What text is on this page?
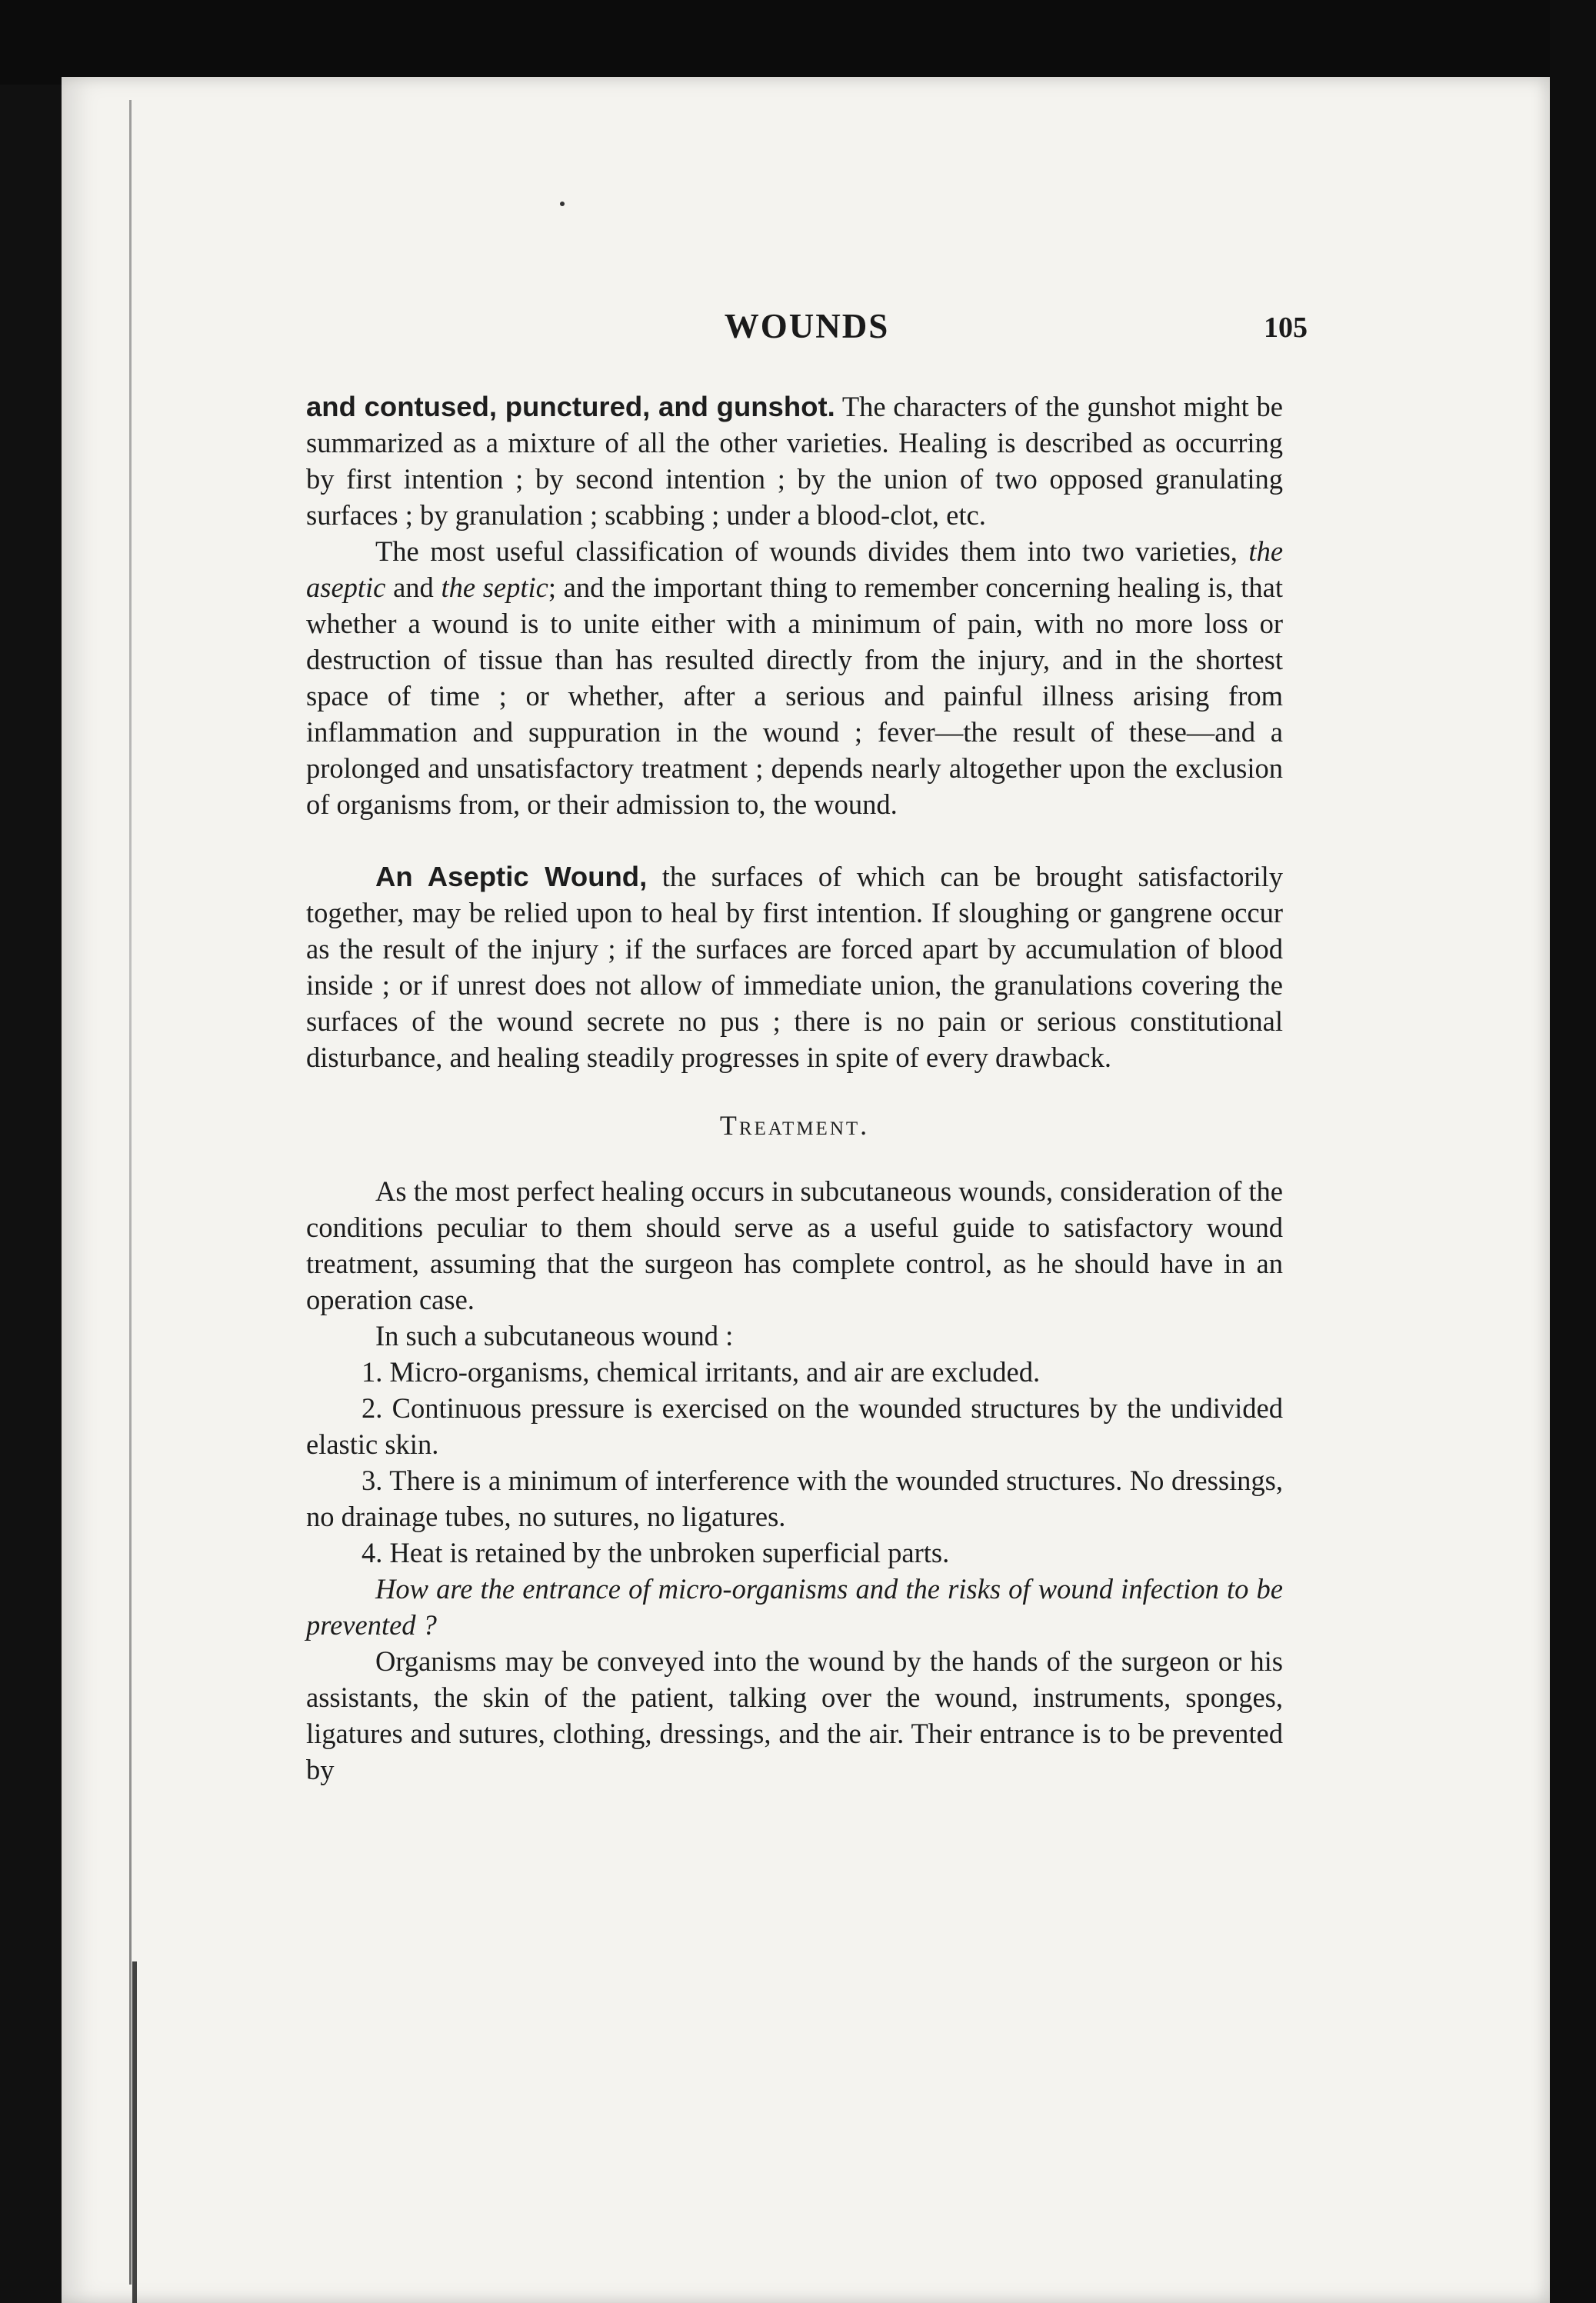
WOUNDS	105

and contused, punctured, and gunshot. The characters of the gunshot might be summarized as a mixture of all the other varieties. Healing is described as occurring by first intention ; by second intention ; by the union of two opposed granulating surfaces ; by granulation ; scabbing ; under a blood-clot, etc.

The most useful classification of wounds divides them into two varieties, the aseptic and the septic; and the important thing to remember concerning healing is, that whether a wound is to unite either with a minimum of pain, with no more loss or destruction of tissue than has resulted directly from the injury, and in the shortest space of time ; or whether, after a serious and painful illness arising from inflammation and suppuration in the wound ; fever—the result of these—and a prolonged and unsatisfactory treatment ; depends nearly altogether upon the exclusion of organisms from, or their admission to, the wound.

An Aseptic Wound, the surfaces of which can be brought satisfactorily together, may be relied upon to heal by first intention. If sloughing or gangrene occur as the result of the injury ; if the surfaces are forced apart by accumulation of blood inside ; or if unrest does not allow of immediate union, the granulations covering the surfaces of the wound secrete no pus ; there is no pain or serious constitutional disturbance, and healing steadily progresses in spite of every drawback.

Treatment.

As the most perfect healing occurs in subcutaneous wounds, consideration of the conditions peculiar to them should serve as a useful guide to satisfactory wound treatment, assuming that the surgeon has complete control, as he should have in an operation case.

In such a subcutaneous wound :

1. Micro-organisms, chemical irritants, and air are excluded.

2. Continuous pressure is exercised on the wounded structures by the undivided elastic skin.

3. There is a minimum of interference with the wounded structures. No dressings, no drainage tubes, no sutures, no ligatures.

4. Heat is retained by the unbroken superficial parts.

How are the entrance of micro-organisms and the risks of wound infection to be prevented ?

Organisms may be conveyed into the wound by the hands of the surgeon or his assistants, the skin of the patient, talking over the wound, instruments, sponges, ligatures and sutures, clothing, dressings, and the air. Their entrance is to be prevented by
